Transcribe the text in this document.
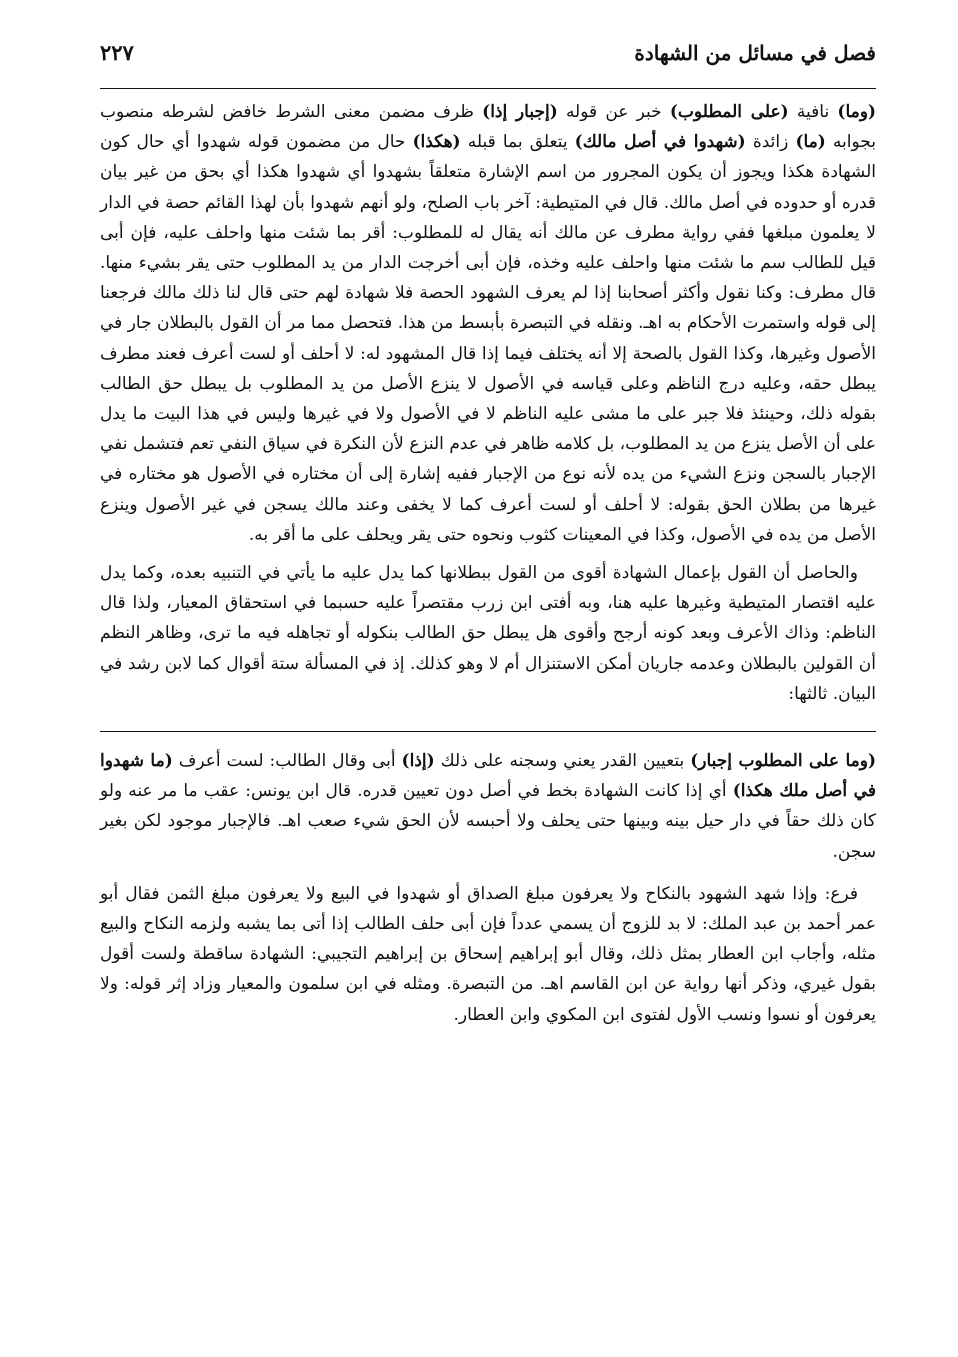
فصل في مسائل من الشهادة
٢٢٧

(وما) نافية (على المطلوب) خبر عن قوله (إجبار إذا) ظرف مضمن معنى الشرط خافض لشرطه منصوب بجوابه (ما) زائدة (شهدوا في أصل مالك) يتعلق بما قبله (هكذا) حال من مضمون قوله شهدوا أي حال كون الشهادة هكذا ويجوز أن يكون المجرور من اسم الإشارة متعلقاً بشهدوا أي شهدوا هكذا أي بحق من غير بيان قدره أو حدوده في أصل مالك. قال في المتيطية: آخر باب الصلح، ولو أنهم شهدوا بأن لهذا القائم حصة في الدار لا يعلمون مبلغها ففي رواية مطرف عن مالك أنه يقال له للمطلوب: أقر بما شئت منها واحلف عليه، فإن أبى قيل للطالب سم ما شئت منها واحلف عليه وخذه، فإن أبى أخرجت الدار من يد المطلوب حتى يقر بشيء منها. قال مطرف: وكنا نقول وأكثر أصحابنا إذا لم يعرف الشهود الحصة فلا شهادة لهم حتى قال لنا ذلك مالك فرجعنا إلى قوله واستمرت الأحكام به اهـ. ونقله في التبصرة بأبسط من هذا. فتحصل مما مر أن القول بالبطلان جار في الأصول وغيرها، وكذا القول بالصحة إلا أنه يختلف فيما إذا قال المشهود له: لا أحلف أو لست أعرف فعند مطرف يبطل حقه، وعليه درج الناظم وعلى قياسه في الأصول لا ينزع الأصل من يد المطلوب بل يبطل حق الطالب بقوله ذلك، وحينئذ فلا جبر على ما مشى عليه الناظم لا في الأصول ولا في غيرها وليس في هذا البيت ما يدل على أن الأصل ينزع من يد المطلوب، بل كلامه ظاهر في عدم النزع لأن النكرة في سياق النفي تعم فتشمل نفي الإجبار بالسجن ونزع الشيء من يده لأنه نوع من الإجبار ففيه إشارة إلى أن مختاره في الأصول هو مختاره في غيرها من بطلان الحق بقوله: لا أحلف أو لست أعرف كما لا يخفى وعند مالك يسجن في غير الأصول وينزع الأصل من يده في الأصول، وكذا في المعينات كثوب ونحوه حتى يقر ويحلف على ما أقر به.

والحاصل أن القول بإعمال الشهادة أقوى من القول ببطلانها كما يدل عليه ما يأتي في التنبيه بعده، وكما يدل عليه اقتصار المتيطية وغيرها عليه هنا، وبه أفتى ابن زرب مقتصراً عليه حسبما في استحقاق المعيار، ولذا قال الناظم: وذاك الأعرف وبعد كونه أرجح وأقوى هل يبطل حق الطالب بنكوله أو تجاهله فيه ما ترى، وظاهر النظم أن القولين بالبطلان وعدمه جاريان أمكن الاستنزال أم لا وهو كذلك. إذ في المسألة ستة أقوال كما لابن رشد في البيان. ثالثها:

(وما على المطلوب إجبار) بتعيين القدر يعني وسجنه على ذلك (إذا) أبى وقال الطالب: لست أعرف (ما شهدوا في أصل ملك هكذا) أي إذا كانت الشهادة بخط في أصل دون تعيين قدره. قال ابن يونس: عقب ما مر عنه ولو كان ذلك حقاً في دار حيل بينه وبينها حتى يحلف ولا أحبسه لأن الحق شيء صعب اهـ. فالإجبار موجود لكن بغير سجن.

فرع: وإذا شهد الشهود بالنكاح ولا يعرفون مبلغ الصداق أو شهدوا في البيع ولا يعرفون مبلغ الثمن فقال أبو عمر أحمد بن عبد الملك: لا بد للزوج أن يسمي عدداً فإن أبى حلف الطالب إذا أتى بما يشبه ولزمه النكاح والبيع مثله، وأجاب ابن العطار بمثل ذلك، وقال أبو إبراهيم إسحاق بن إبراهيم التجيبي: الشهادة ساقطة ولست أقول بقول غيري، وذكر أنها رواية عن ابن القاسم اهـ. من التبصرة. ومثله في ابن سلمون والمعيار وزاد إثر قوله: ولا يعرفون أو نسوا ونسب الأول لفتوى ابن المكوي وابن العطار.
